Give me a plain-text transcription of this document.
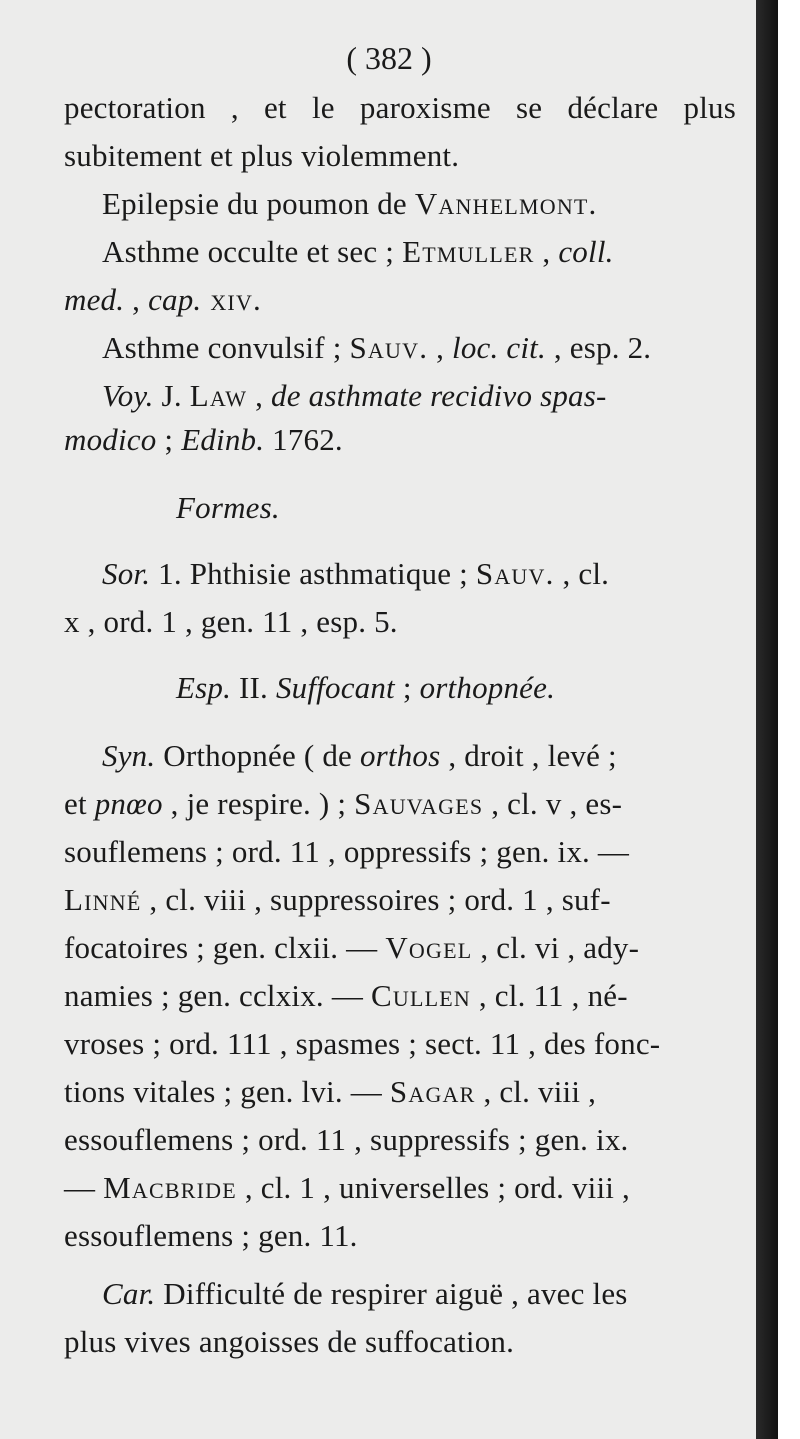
( 382 )
pectoration , et le paroxisme se déclare plus
subitement et plus violemment.
Epilepsie du poumon de Vanhelmont.
Asthme occulte et sec ; Etmuller , coll.
med. , cap. xiv.
Asthme convulsif ; Sauv. , loc. cit. , esp. 2.
Voy. J. Law , de asthmate recidivo spas-
modico ; Edinb. 1762.
Formes.
Sor. 1. Phthisie asthmatique ; Sauv. , cl.
x , ord. 1 , gen. 11 , esp. 5.
Esp. II. Suffocant ; orthopnée.
Syn. Orthopnée ( de orthos , droit , levé ;
et pnœo , je respire. ) ; Sauvages , cl. v , es-
souflemens ; ord. 11 , oppressifs ; gen. ix. —
Linné , cl. viii , suppressoires ; ord. 1 , suf-
focatoires ; gen. clxii. — Vogel , cl. vi , ady-
namies ; gen. cclxix. — Cullen , cl. 11 , né-
vroses ; ord. 111 , spasmes ; sect. 11 , des fonc-
tions vitales ; gen. lvi. — Sagar , cl. viii ,
essouflemens ; ord. 11 , suppressifs ; gen. ix.
— Macbride , cl. 1 , universelles ; ord. viii ,
essouflemens ; gen. 11.
Car. Difficulté de respirer aiguë , avec les
plus vives angoisses de suffocation.
